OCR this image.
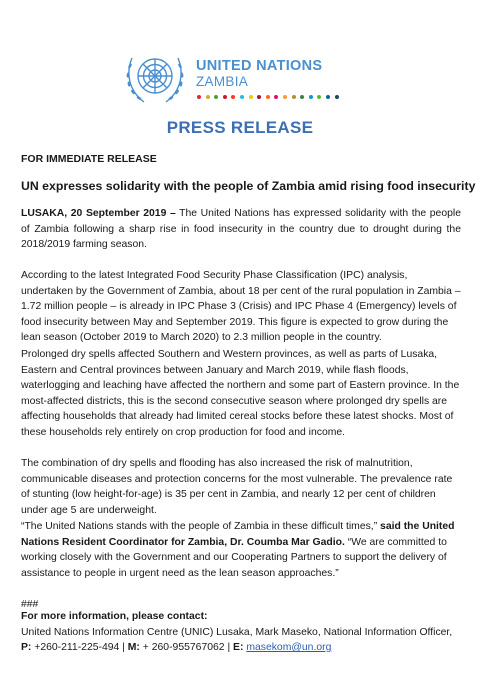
UNITED NATIONS
ZAMBIA
PRESS RELEASE
FOR IMMEDIATE RELEASE
UN expresses solidarity with the people of Zambia amid rising food insecurity
LUSAKA, 20 September 2019 – The United Nations has expressed solidarity with the people of Zambia following a sharp rise in food insecurity in the country due to drought during the 2018/2019 farming season.
According to the latest Integrated Food Security Phase Classification (IPC) analysis, undertaken by the Government of Zambia, about 18 per cent of the rural population in Zambia – 1.72 million people – is already in IPC Phase 3 (Crisis) and IPC Phase 4 (Emergency) levels of food insecurity between May and September 2019. This figure is expected to grow during the lean season (October 2019 to March 2020) to 2.3 million people in the country.
Prolonged dry spells affected Southern and Western provinces, as well as parts of Lusaka, Eastern and Central provinces between January and March 2019, while flash floods, waterlogging and leaching have affected the northern and some part of Eastern province. In the most-affected districts, this is the second consecutive season where prolonged dry spells are affecting households that already had limited cereal stocks before these latest shocks. Most of these households rely entirely on crop production for food and income.
The combination of dry spells and flooding has also increased the risk of malnutrition, communicable diseases and protection concerns for the most vulnerable. The prevalence rate of stunting (low height-for-age) is 35 per cent in Zambia, and nearly 12 per cent of children under age 5 are underweight.
“The United Nations stands with the people of Zambia in these difficult times,” said the United Nations Resident Coordinator for Zambia, Dr. Coumba Mar Gadio. “We are committed to working closely with the Government and our Cooperating Partners to support the delivery of assistance to people in urgent need as the lean season approaches.”
###
For more information, please contact:
United Nations Information Centre (UNIC) Lusaka, Mark Maseko, National Information Officer,
P: +260-211-225-494 | M: + 260-955767062 | E: masekom@un.org
